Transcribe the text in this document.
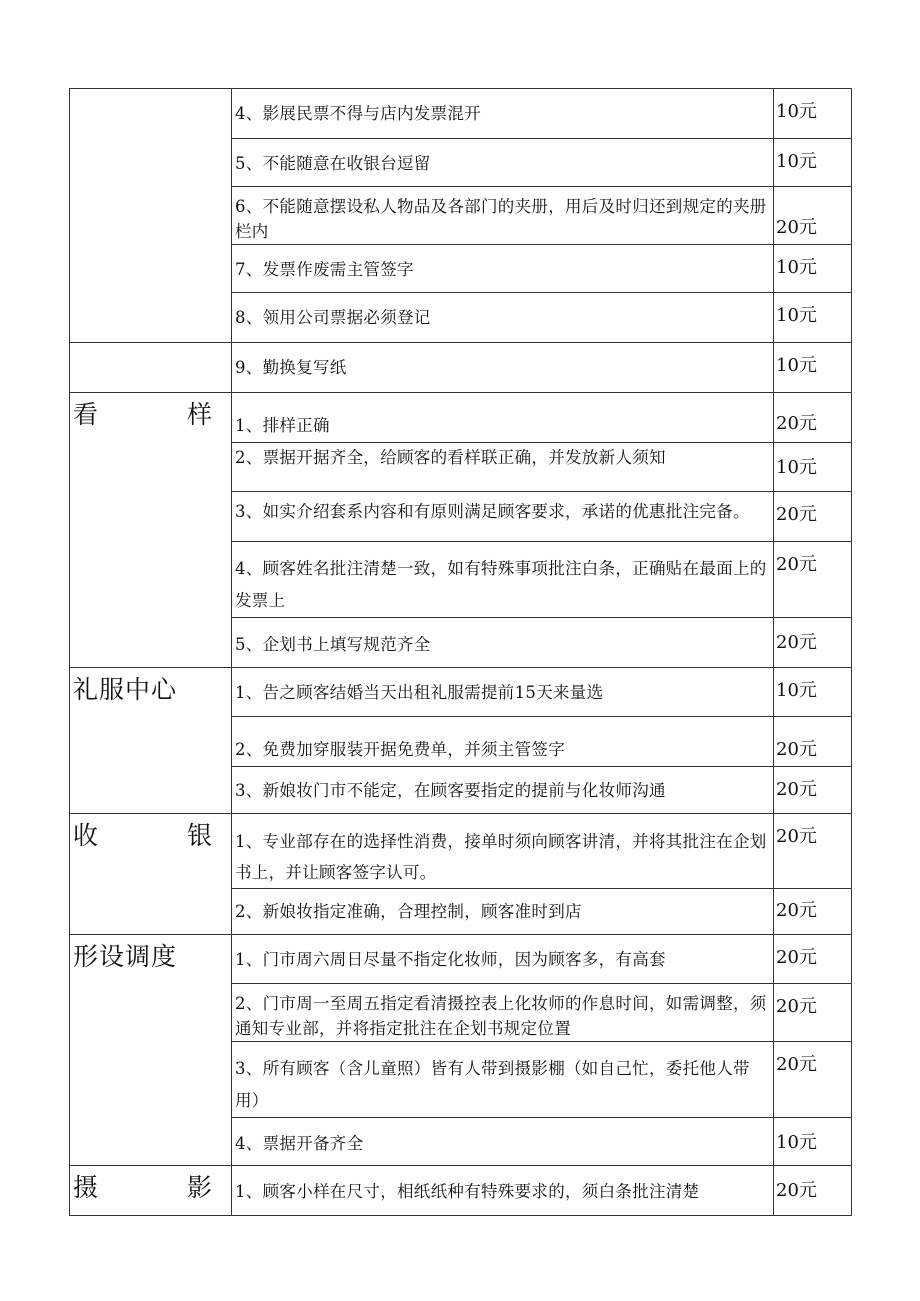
	4、影展民票不得与店内发票混开	10元
	5、不能随意在收银台逗留	10元
	6、不能随意摆设私人物品及各部门的夹册，用后及时归还到规定的夹册栏内	20元
	7、发票作废需主管签字	10元
	8、领用公司票据必须登记	10元
	9、勤换复写纸	10元

看 样	1、排样正确	20元
	2、票据开据齐全，给顾客的看样联正确，并发放新人须知	10元
	3、如实介绍套系内容和有原则满足顾客要求，承诺的优惠批注完备。	20元
	4、顾客姓名批注清楚一致，如有特殊事项批注白条，正确贴在最面上的发票上	20元
	5、企划书上填写规范齐全	20元

礼服中心	1、告之顾客结婚当天出租礼服需提前15天来量选	10元
	2、免费加穿服装开据免费单，并须主管签字	20元
	3、新娘妆门市不能定，在顾客要指定的提前与化妆师沟通	20元

收 银	1、专业部存在的选择性消费，接单时须向顾客讲清，并将其批注在企划书上，并让顾客签字认可。	20元
	2、新娘妆指定准确，合理控制，顾客准时到店	20元

形设调度	1、门市周六周日尽量不指定化妆师，因为顾客多，有高套	20元
	2、门市周一至周五指定看清摄控表上化妆师的作息时间，如需调整，须通知专业部，并将指定批注在企划书规定位置	20元
	3、所有顾客（含儿童照）皆有人带到摄影棚（如自己忙，委托他人带用）	20元
	4、票据开备齐全	10元

摄 影	1、顾客小样在尺寸，相纸纸种有特殊要求的，须白条批注清楚	20元
